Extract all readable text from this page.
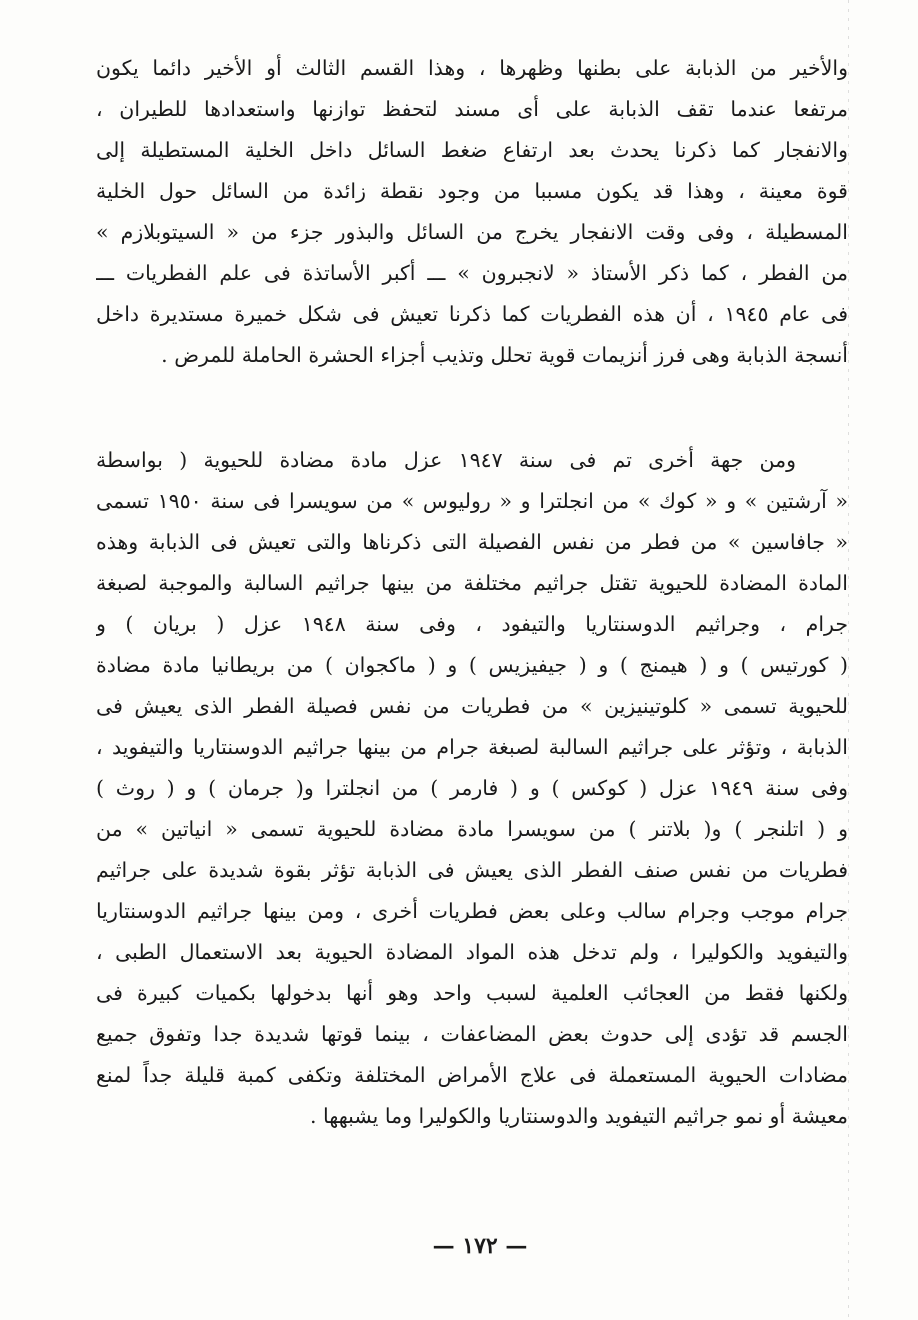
والأخير من الذبابة على بطنها وظهرها ، وهذا القسم الثالث أو الأخير دائما يكون
مرتفعا عندما تقف الذبابة على أى مسند لتحفظ توازنها واستعدادها للطيران ،
والانفجار كما ذكرنا يحدث بعد ارتفاع ضغط السائل داخل الخلية المستطيلة إلى
قوة معينة ، وهذا قد يكون مسببا من وجود نقطة زائدة من السائل حول الخلية
المسطيلة ، وفى وقت الانفجار يخرج من السائل والبذور جزء من « السيتوبلازم »
من الفطر ، كما ذكر الأستاذ « لانجبرون » ـــ أكبر الأساتذة فى علم الفطريات ـــ
فى عام ١٩٤٥ ، أن هذه الفطريات كما ذكرنا تعيش فى شكل خميرة مستديرة داخل
أنسجة الذبابة وهى فرز أنزيمات قوية تحلل وتذيب أجزاء الحشرة الحاملة للمرض .
ومن جهة أخرى تم فى سنة ١٩٤٧ عزل مادة مضادة للحيوية ( بواسطة
« آرشتين » و « كوك » من انجلترا و « روليوس » من سويسرا فى سنة ١٩٥٠ تسمى
« جافاسين » من فطر من نفس الفصيلة التى ذكرناها والتى تعيش فى الذبابة وهذه
المادة المضادة للحيوية تقتل جراثيم مختلفة من بينها جراثيم السالبة والموجبة لصبغة
جرام ، وجراثيم الدوسنتاريا والتيفود ، وفى سنة ١٩٤٨ عزل ( بريان ) و
( كورتيس ) و ( هيمنج ) و ( جيفيزيس ) و ( ماكجوان ) من بريطانيا مادة مضادة
للحيوية تسمى « كلوتينيزين » من فطريات من نفس فصيلة الفطر الذى يعيش فى
الذبابة ، وتؤثر على جراثيم السالبة لصبغة جرام من بينها جراثيم الدوسنتاريا والتيفويد ،
وفى سنة ١٩٤٩ عزل ( كوكس ) و ( فارمر ) من انجلترا و( جرمان ) و ( روث )
و ( اتلنجر ) و( بلاتنر ) من سويسرا مادة مضادة للحيوية تسمى « انياتين » من
فطريات من نفس صنف الفطر الذى يعيش فى الذبابة تؤثر بقوة شديدة على جراثيم
جرام موجب وجرام سالب وعلى بعض فطريات أخرى ، ومن بينها جراثيم الدوسنتاريا
والتيفويد والكوليرا ، ولم تدخل هذه المواد المضادة الحيوية بعد الاستعمال الطبى ،
ولكنها فقط من العجائب العلمية لسبب واحد وهو أنها بدخولها بكميات كبيرة فى
الجسم قد تؤدى إلى حدوث بعض المضاعفات ، بينما قوتها شديدة جدا وتفوق جميع
مضادات الحيوية المستعملة فى علاج الأمراض المختلفة وتكفى كمبة قليلة جداً لمنع
معيشة أو نمو جراثيم التيفويد والدوسنتاريا والكوليرا وما يشبهها .
— ١٧٢ —
